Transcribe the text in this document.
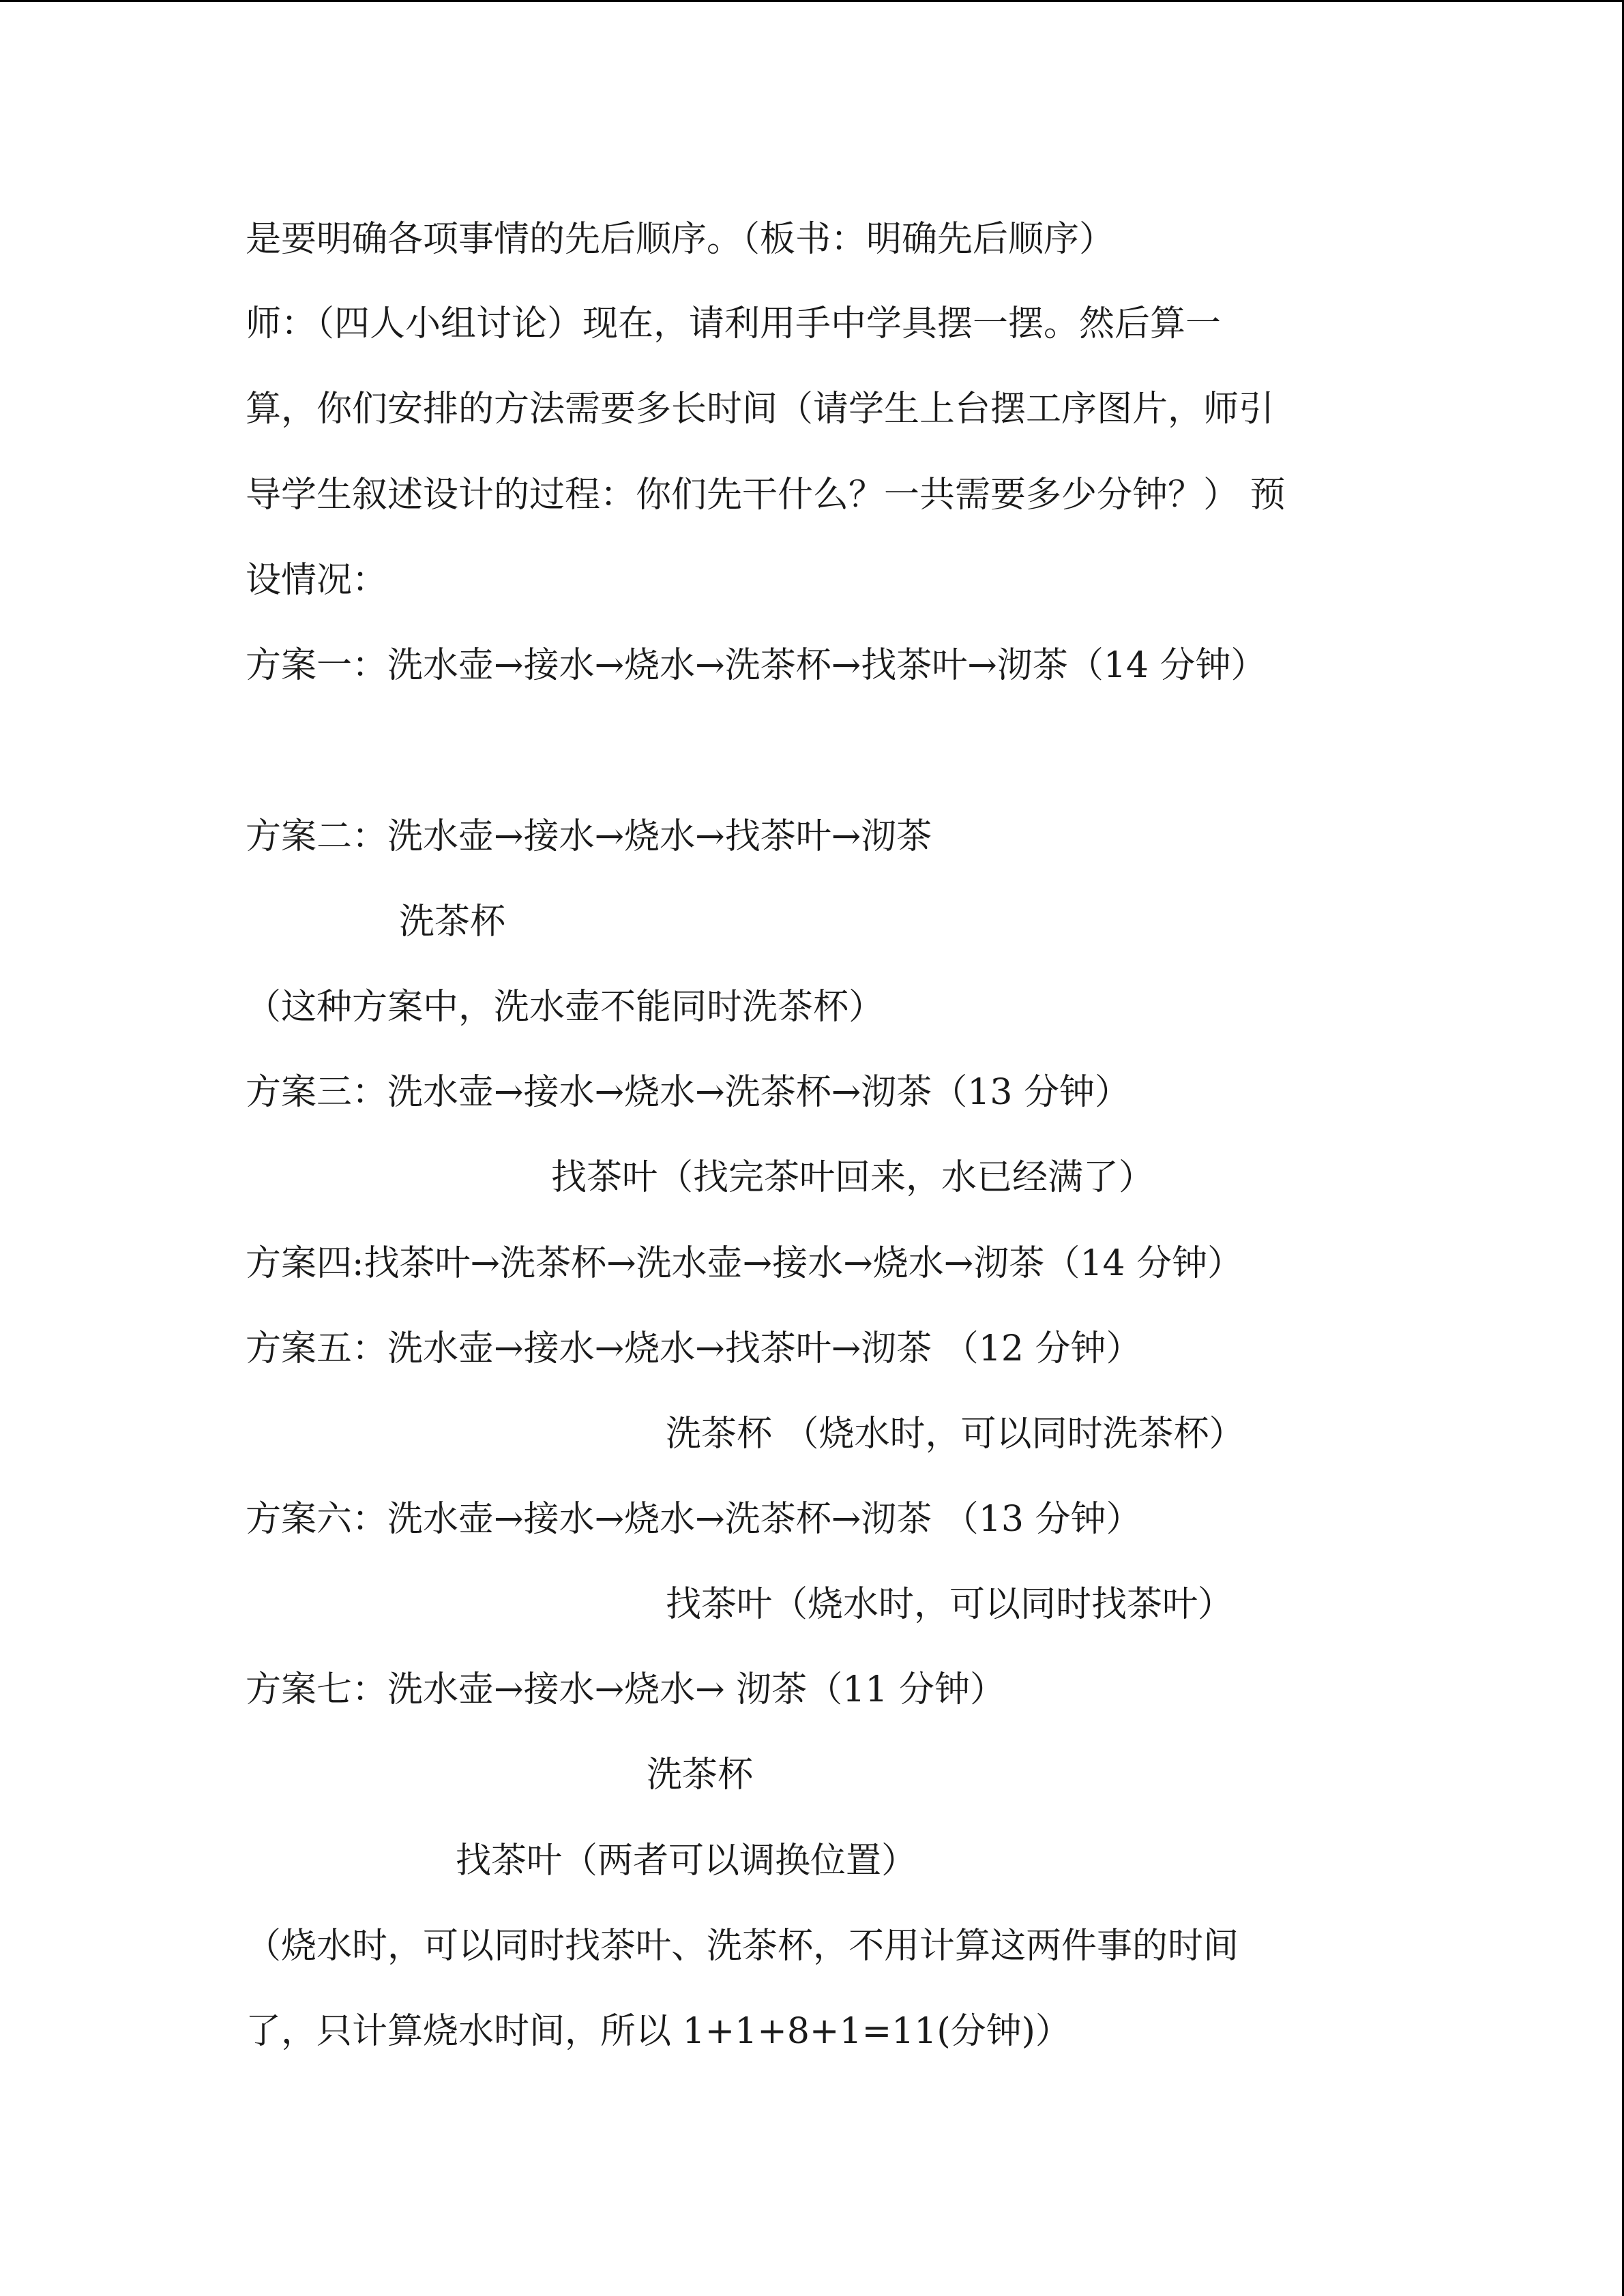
是要明确各项事情的先后顺序。（板书：明确先后顺序）
师：（四人小组讨论）现在，请利用手中学具摆一摆。然后算一
算，你们安排的方法需要多长时间（请学生上台摆工序图片，师引
导学生叙述设计的过程：你们先干什么？一共需要多少分钟？） 预
设情况：
方案一：洗水壶→接水→烧水→洗茶杯→找茶叶→沏茶（14 分钟）
方案二：洗水壶→接水→烧水→找茶叶→沏茶
洗茶杯
（这种方案中，洗水壶不能同时洗茶杯）
方案三：洗水壶→接水→烧水→洗茶杯→沏茶（13 分钟）
找茶叶（找完茶叶回来，水已经满了）
方案四:找茶叶→洗茶杯→洗水壶→接水→烧水→沏茶（14 分钟）
方案五：洗水壶→接水→烧水→找茶叶→沏茶 （12 分钟）
洗茶杯 （烧水时，可以同时洗茶杯）
方案六：洗水壶→接水→烧水→洗茶杯→沏茶 （13 分钟）
找茶叶（烧水时，可以同时找茶叶）
方案七：洗水壶→接水→烧水→ 沏茶（11 分钟）
洗茶杯
找茶叶（两者可以调换位置）
（烧水时，可以同时找茶叶、洗茶杯，不用计算这两件事的时间
了，只计算烧水时间，所以 1+1+8+1=11(分钟)）
